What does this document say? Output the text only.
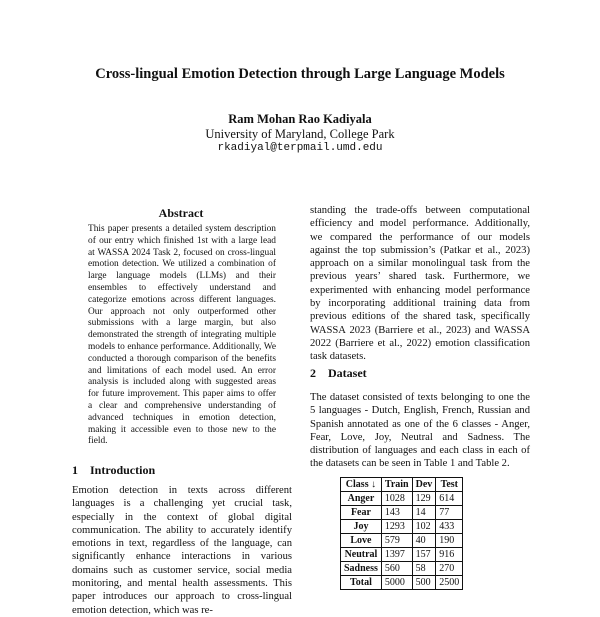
Cross-lingual Emotion Detection through Large Language Models
Ram Mohan Rao Kadiyala
University of Maryland, College Park
rkadiyal@terpmail.umd.edu
Abstract

This paper presents a detailed system description of our entry which finished 1st with a large lead at WASSA 2024 Task 2, focused on cross-lingual emotion detection. We utilized a combination of large language models (LLMs) and their ensembles to effectively understand and categorize emotions across different languages. Our approach not only outperformed other submissions with a large margin, but also demonstrated the strength of integrating multiple models to enhance performance. Additionally, We conducted a thorough comparison of the benefits and limitations of each model used. An error analysis is included along with suggested areas for future improvement. This paper aims to offer a clear and comprehensive understanding of advanced techniques in emotion detection, making it accessible even to those new to the field.

1 Introduction

Emotion detection in texts across different languages is a challenging yet crucial task, especially in the context of global digital communication. The ability to accurately identify emotions in text, regardless of the language, can significantly enhance interactions in various domains such as customer service, social media monitoring, and mental health assessments. This paper introduces our approach to cross-lingual emotion detection, which was re-

standing the trade-offs between computational efficiency and model performance. Additionally, we compared the performance of our models against the top submission’s (Patkar et al., 2023) approach on a similar monolingual task from the previous years’ shared task. Furthermore, we experimented with enhancing model performance by incorporating additional training data from previous editions of the shared task, specifically WASSA 2023 (Barriere et al., 2023) and WASSA 2022 (Barriere et al., 2022) emotion classification task datasets.

2 Dataset

The dataset consisted of texts belonging to one the 5 languages - Dutch, English, French, Russian and Spanish annotated as one of the 6 classes - Anger, Fear, Love, Joy, Neutral and Sadness. The distribution of languages and each class in each of the datasets can be seen in Table 1 and Table 2.

Class ↓	Train	Dev	Test
Anger	1028	129	614
Fear	143	14	77
Joy	1293	102	433
Love	579	40	190
Neutral	1397	157	916
Sadness	560	58	270
Total	5000	500	2500
